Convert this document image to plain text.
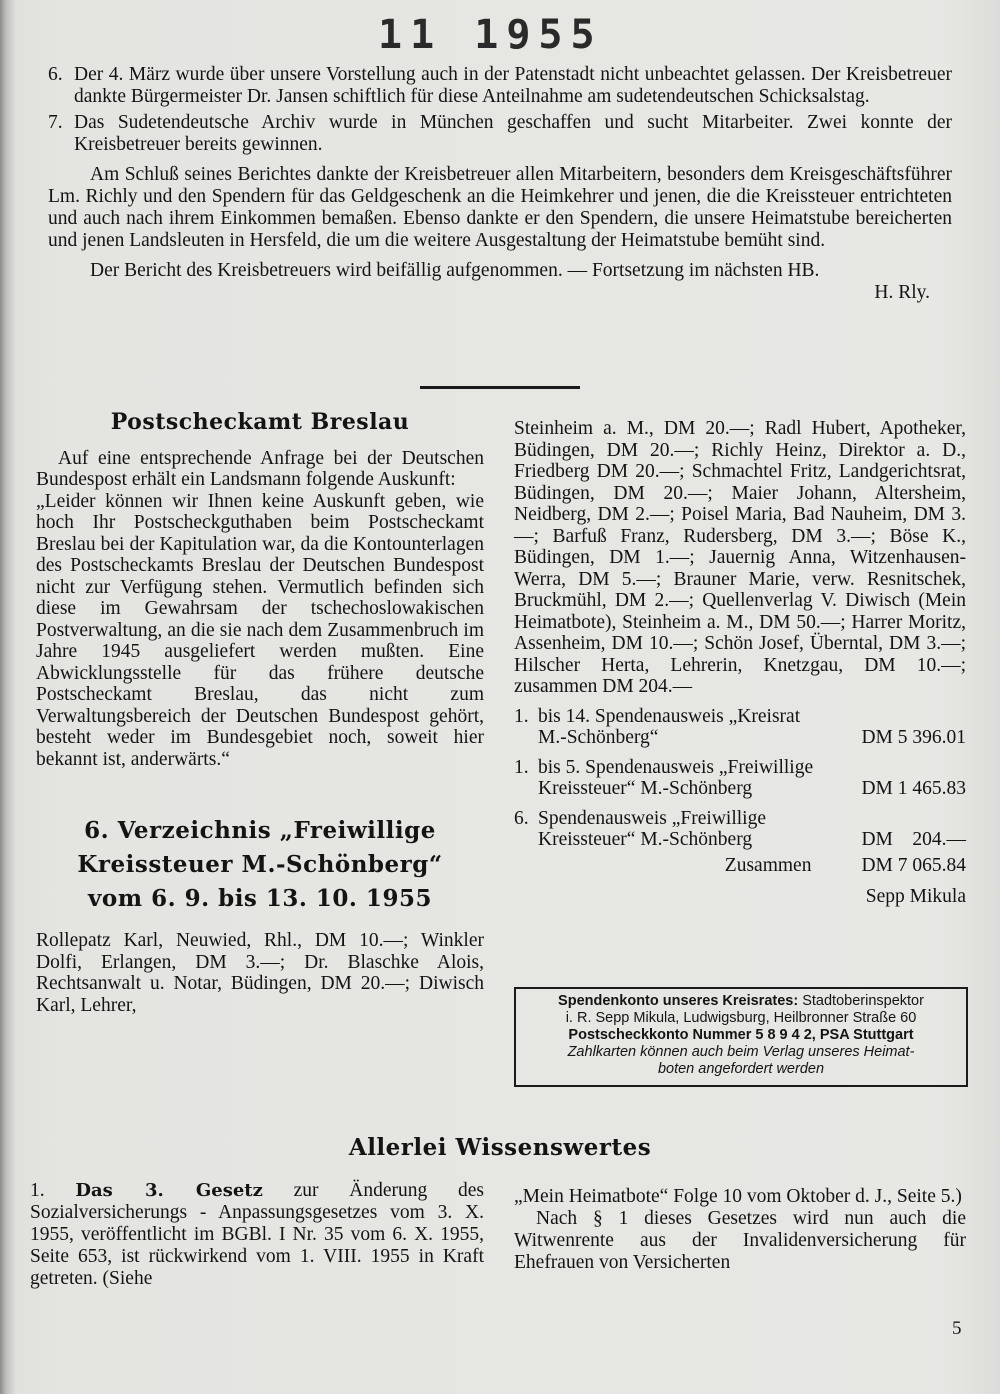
11 1955
6. Der 4. März wurde über unsere Vorstellung auch in der Patenstadt nicht unbeachtet gelassen. Der Kreisbetreuer dankte Bürgermeister Dr. Jansen schiftlich für diese Anteilnahme am sudetendeutschen Schicksalstag.
7. Das Sudetendeutsche Archiv wurde in München geschaffen und sucht Mitarbeiter. Zwei konnte der Kreisbetreuer bereits gewinnen.

Am Schluß seines Berichtes dankte der Kreisbetreuer allen Mitarbeitern, besonders dem Kreisgeschäftsführer Lm. Richly und den Spendern für das Geldgeschenk an die Heimkehrer und jenen, die die Kreissteuer entrichteten und auch nach ihrem Einkommen bemaßen. Ebenso dankte er den Spendern, die unsere Heimatstube bereicherten und jenen Landsleuten in Hersfeld, die um die weitere Ausgestaltung der Heimatstube bemüht sind.

Der Bericht des Kreisbetreuers wird beifällig aufgenommen. — Fortsetzung im nächsten HB.

H. Rly.
Postscheckamt Breslau

Auf eine entsprechende Anfrage bei der Deutschen Bundespost erhält ein Landsmann folgende Auskunft:

„Leider können wir Ihnen keine Auskunft geben, wie hoch Ihr Postscheckguthaben beim Postscheckamt Breslau bei der Kapitulation war, da die Kontounterlagen des Postscheckamts Breslau der Deutschen Bundespost nicht zur Verfügung stehen. Vermutlich befinden sich diese im Gewahrsam der tschechoslowakischen Postverwaltung, an die sie nach dem Zusammenbruch im Jahre 1945 ausgeliefert werden mußten. Eine Abwicklungsstelle für das frühere deutsche Postscheckamt Breslau, das nicht zum Verwaltungsbereich der Deutschen Bundespost gehört, besteht weder im Bundesgebiet noch, soweit hier bekannt ist, anderwärts.“

6. Verzeichnis „Freiwillige
Kreissteuer M.-Schönberg“
vom 6. 9. bis 13. 10. 1955

Rollepatz Karl, Neuwied, Rhl., DM 10.—; Winkler Dolfi, Erlangen, DM 3.—; Dr. Blaschke Alois, Rechtsanwalt u. Notar, Büdingen, DM 20.—; Diwisch Karl, Lehrer,

Steinheim a. M., DM 20.—; Radl Hubert, Apotheker, Büdingen, DM 20.—; Richly Heinz, Direktor a. D., Friedberg DM 20.—; Schmachtel Fritz, Landgerichtsrat, Büdingen, DM 20.—; Maier Johann, Altersheim, Neidberg, DM 2.—; Poisel Maria, Bad Nauheim, DM 3.—; Barfuß Franz, Rudersberg, DM 3.—; Böse K., Büdingen, DM 1.—; Jauernig Anna, Witzenhausen-Werra, DM 5.—; Brauner Marie, verw. Resnitschek, Bruckmühl, DM 2.—; Quellenverlag V. Diwisch (Mein Heimatbote), Steinheim a. M., DM 50.—; Harrer Moritz, Assenheim, DM 10.—; Schön Josef, Überntal, DM 3.—; Hilscher Herta, Lehrerin, Knetzgau, DM 10.—; zusammen DM 204.—

1. bis 14. Spendenausweis „Kreisrat
M.-Schönberg“	DM 5 396.01
1. bis 5. Spendenausweis „Freiwillige
Kreissteuer“ M.-Schönberg	DM 1 465.83
6. Spendenausweis „Freiwillige
Kreissteuer“ M.-Schönberg	DM    204.—
Zusammen	DM 7 065.84
Sepp Mikula
Spendenkonto unseres Kreisrates: Stadtoberinspektor
i. R. Sepp Mikula, Ludwigsburg, Heilbronner Straße 60
Postscheckkonto Nummer 5 8 9 4 2, PSA Stuttgart
Zahlkarten können auch beim Verlag unseres Heimat-
boten angefordert werden
Allerlei Wissenswertes

1. Das 3. Gesetz zur Änderung des Sozialversicherungs - Anpassungsgesetzes vom 3. X. 1955, veröffentlicht im BGBl. I Nr. 35 vom 6. X. 1955, Seite 653, ist rückwirkend vom 1. VIII. 1955 in Kraft getreten. (Siehe

„Mein Heimatbote“ Folge 10 vom Oktober d. J., Seite 5.)

Nach § 1 dieses Gesetzes wird nun auch die Witwenrente aus der Invalidenversicherung für Ehefrauen von Versicherten

5
